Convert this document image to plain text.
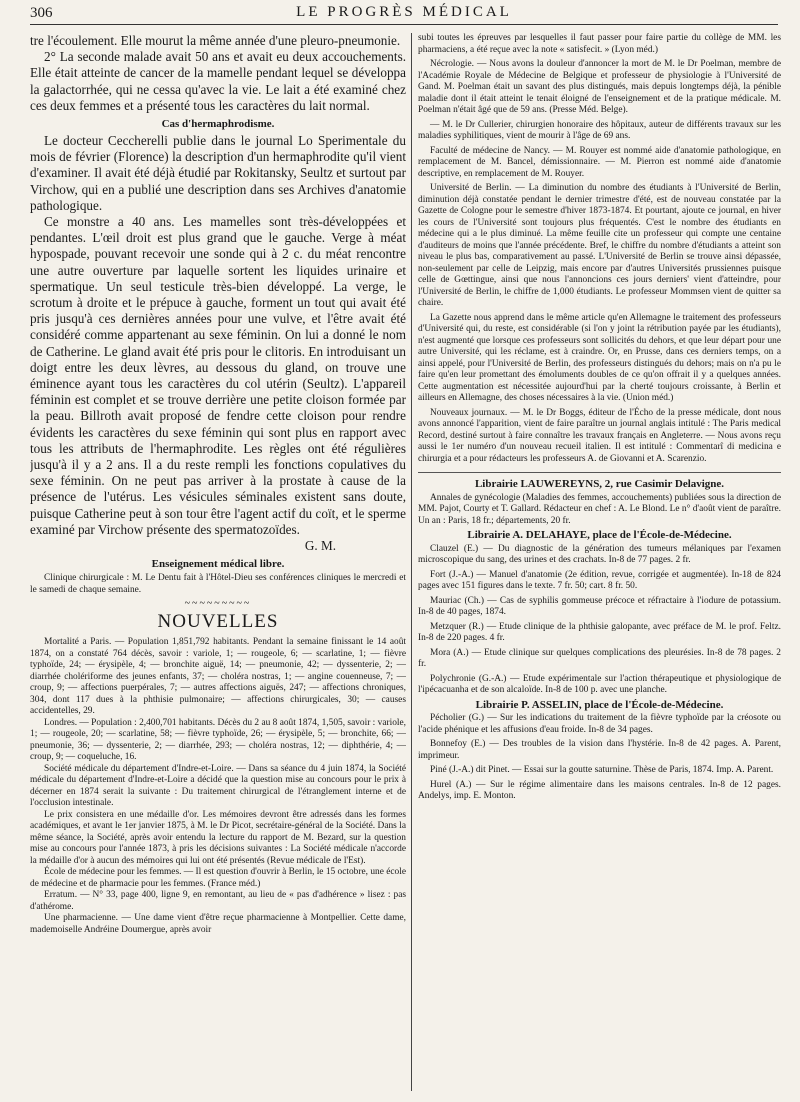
306	LE PROGRÈS MÉDICAL

tre l'écoulement. Elle mourut la même année d'une pleuro-pneumonie.

2° La seconde malade avait 50 ans et avait eu deux accouchements. Elle était atteinte de cancer de la mamelle pendant lequel se développa la galactorrhée, qui ne cessa qu'avec la vie. Le lait a été examiné chez ces deux femmes et a présenté tous les caractères du lait normal.

Cas d'hermaphrodisme.

Le docteur Ceccherelli publie dans le journal Lo Sperimentale du mois de février (Florence) la description d'un hermaphrodite qu'il vient d'examiner. Il avait été déjà étudié par Rokitansky, Seultz et surtout par Virchow, qui en a publié une description dans ses Archives d'anatomie pathologique.

Ce monstre a 40 ans. Les mamelles sont très-développées et pendantes. L'œil droit est plus grand que le gauche. Verge à méat hypospade, pouvant recevoir une sonde qui à 2 c. du méat rencontre une autre ouverture par laquelle sortent les liquides urinaire et spermatique. Un seul testicule très-bien développé. La verge, le scrotum à droite et le prépuce à gauche, forment un tout qui avait été pris jusqu'à ces dernières années pour une vulve, et l'être avait été considéré comme appartenant au sexe féminin. On lui a donné le nom de Catherine. Le gland avait été pris pour le clitoris. En introduisant un doigt entre les deux lèvres, au dessous du gland, on trouve une éminence ayant tous les caractères du col utérin (Seultz). L'appareil féminin est complet et se trouve derrière une petite cloison formée par la peau. Billroth avait proposé de fendre cette cloison pour rendre évidents les caractères du sexe féminin qui sont plus en rapport avec tous les attributs de l'hermaphrodite. Les règles ont été régulières jusqu'à il y a 2 ans. Il a du reste rempli les fonctions copulatives du sexe féminin. On ne peut pas arriver à la prostate à cause de la présence de l'utérus. Les vésicules séminales existent sans doute, puisque Catherine peut à son tour être l'agent actif du coït, et le sperme examiné par Virchow présente des spermatozoïdes.

G. M.
Enseignement médical libre.

Clinique chirurgicale : M. Le Dentu fait à l'Hôtel-Dieu ses conférences cliniques le mercredi et le samedi de chaque semaine.

~~~~~~~~~
NOUVELLES

Mortalité a Paris. — Population 1,851,792 habitants. Pendant la semaine finissant le 14 août 1874, on a constaté 764 décès, savoir : variole, 1; — rougeole, 6; — scarlatine, 1; — fièvre typhoïde, 24; — érysipèle, 4; — bronchite aiguë, 14; — pneumonie, 42; — dyssenterie, 2; — diarrhée cholériforme des jeunes enfants, 37; — choléra nostras, 1; — angine couenneuse, 7; — croup, 9; — affections puerpérales, 7; — autres affections aiguës, 247; — affections chroniques, 304, dont 117 dues à la phthisie pulmonaire; — affections chirurgicales, 30; — causes accidentelles, 29.

Londres. — Population : 2,400,701 habitants. Décès du 2 au 8 août 1874, 1,505, savoir : variole, 1; — rougeole, 20; — scarlatine, 58; — fièvre typhoïde, 26; — érysipèle, 5; — bronchite, 66; — pneumonie, 36; — dyssenterie, 2; — diarrhée, 293; — choléra nostras, 12; — diphthérie, 4; — croup, 9; — coqueluche, 16.

Société médicale du département d'Indre-et-Loire. — Dans sa séance du 4 juin 1874, la Société médicale du département d'Indre-et-Loire a décidé que la question mise au concours pour le prix à décerner en 1874 serait la suivante : Du traitement chirurgical de l'étranglement interne et de l'occlusion intestinale.

Le prix consistera en une médaille d'or. Les mémoires devront être adressés dans les formes académiques, et avant le 1er janvier 1875, à M. le Dr Picot, secrétaire-général de la Société. Dans la même séance, la Société, après avoir entendu la lecture du rapport de M. Bezard, sur la question mise au concours pour l'année 1873, à pris les décisions suivantes : La Société médicale n'accorde la médaille d'or à aucun des mémoires qui lui ont été présentés (Revue médicale de l'Est).

École de médecine pour les femmes. — Il est question d'ouvrir à Berlin, le 15 octobre, une école de médecine et de pharmacie pour les femmes. (France méd.)

Erratum. — N° 33, page 400, ligne 9, en remontant, au lieu de « pas d'adhérence » lisez : pas d'athérome.

Une pharmacienne. — Une dame vient d'être reçue pharmacienne à Montpellier. Cette dame, mademoiselle Andréine Doumergue, après avoir

subi toutes les épreuves par lesquelles il faut passer pour faire partie du collège de MM. les pharmaciens, a été reçue avec la note « satisfecit. » (Lyon méd.)

Nécrologie. — Nous avons la douleur d'annoncer la mort de M. le Dr Poelman, membre de l'Académie Royale de Médecine de Belgique et professeur de physiologie à l'Université de Gand. M. Poelman était un savant des plus distingués, mais depuis longtemps déjà, la pénible maladie dont il était atteint le tenait éloigné de l'enseignement et de la pratique médicale. M. Poelman n'était âgé que de 59 ans. (Presse Méd. Belge).

— M. le Dr Cullerier, chirurgien honoraire des hôpitaux, auteur de différents travaux sur les maladies syphilitiques, vient de mourir à l'âge de 69 ans.

Faculté de médecine de Nancy. — M. Rouyer est nommé aide d'anatomie pathologique, en remplacement de M. Bancel, démissionnaire. — M. Pierron est nommé aide d'anatomie descriptive, en remplacement de M. Rouyer.

Université de Berlin. — La diminution du nombre des étudiants à l'Université de Berlin, diminution déjà constatée pendant le dernier trimestre d'été, est de nouveau constatée par la Gazette de Cologne pour le semestre d'hiver 1873-1874. Et pourtant, ajoute ce journal, en hiver les cours de l'Université sont toujours plus fréquentés. C'est le nombre des étudiants en médecine qui a le plus diminué. La même feuille cite un professeur qui compte une centaine d'auditeurs de moins que l'année précédente. Bref, le chiffre du nombre d'étudiants a atteint son niveau le plus bas, comparativement au passé. L'Université de Berlin se trouve ainsi dépassée, non-seulement par celle de Leipzig, mais encore par d'autres Universités prussiennes puisque celle de Gœttingue, ainsi que nous l'annoncions ces jours derniers' vient d'atteindre, pour l'Université de Berlin, le chiffre de 1,000 étudiants. Le professeur Mommsen vient de quitter sa chaire.

La Gazette nous apprend dans le même article qu'en Allemagne le traitement des professeurs d'Université qui, du reste, est considérable (si l'on y joint la rétribution payée par les étudiants), n'est augmenté que lorsque ces professeurs sont sollicités du dehors, et que leur départ pour une autre Université, qui les réclame, est à craindre. Or, en Prusse, dans ces derniers temps, on a ainsi appelé, pour l'Université de Berlin, des professeurs distingués du dehors; mais on n'a pu le faire qu'en leur promettant des émoluments doubles de ce qu'on offrait il y a quelques années. Cette augmentation est nécessitée aujourd'hui par la cherté toujours croissante, à Berlin et ailleurs en Allemagne, des choses nécessaires à la vie. (Union méd.)

Nouveaux journaux. — M. le Dr Boggs, éditeur de l'Écho de la presse médicale, dont nous avons annoncé l'apparition, vient de faire paraître un journal anglais intitulé : The Paris medical Record, destiné surtout à faire connaître les travaux français en Angleterre. — Nous avons reçu aussi le 1er numéro d'un nouveau recueil italien. Il est intitulé : Commentarî di medicina e chirurgia et a pour rédacteurs les professeurs A. de Giovanni et A. Scarenzio.

Librairie LAUWEREYNS, 2, rue Casimir Delavigne.

Annales de gynécologie (Maladies des femmes, accouchements) publiées sous la direction de MM. Pajot, Courty et T. Gallard. Rédacteur en chef : A. Le Blond. Le n° d'août vient de paraître. Un an : Paris, 18 fr.; départements, 20 fr.

Librairie A. DELAHAYE, place de l'École-de-Médecine.

Clauzel (E.) — Du diagnostic de la génération des tumeurs mélaniques par l'examen microscopique du sang, des urines et des crachats. In-8 de 77 pages. 2 fr.

Fort (J.-A.) — Manuel d'anatomie (2e édition, revue, corrigée et augmentée). In-18 de 824 pages avec 151 figures dans le texte. 7 fr. 50; cart. 8 fr. 50.

Mauriac (Ch.) — Cas de syphilis gommeuse précoce et réfractaire à l'iodure de potassium. In-8 de 40 pages, 1874.

Metzquer (R.) — Etude clinique de la phthisie galopante, avec préface de M. le prof. Feltz. In-8 de 220 pages. 4 fr.

Mora (A.) — Etude clinique sur quelques complications des pleurésies. In-8 de 78 pages. 2 fr.

Polychronie (G.-A.) — Etude expérimentale sur l'action thérapeutique et physiologique de l'ipécacuanha et de son alcaloïde. In-8 de 100 p. avec une planche.

Librairie P. ASSELIN, place de l'École-de-Médecine.

Pécholier (G.) — Sur les indications du traitement de la fièvre typhoïde par la créosote ou l'acide phénique et les affusions d'eau froide. In-8 de 34 pages.

Bonnefoy (E.) — Des troubles de la vision dans l'hystérie. In-8 de 42 pages. A. Parent, imprimeur.

Piné (J.-A.) dit Pinet. — Essai sur la goutte saturnine. Thèse de Paris, 1874. Imp. A. Parent.

Hurel (A.) — Sur le régime alimentaire dans les maisons centrales. In-8 de 12 pages. Andelys, imp. E. Monton.
